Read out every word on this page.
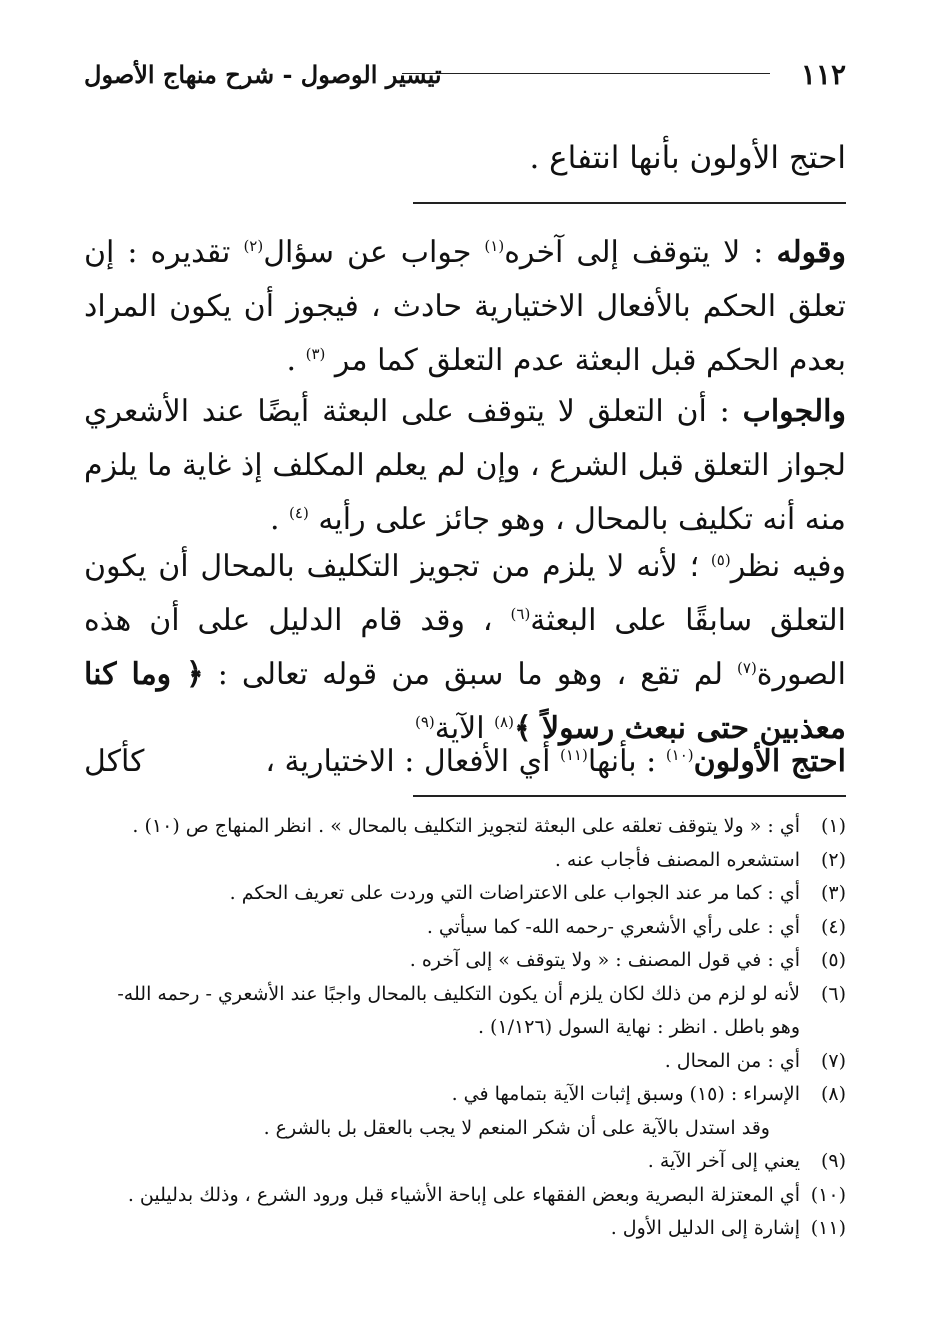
١١٢
تيسير الوصول - شرح منهاج الأصول
احتج الأولون بأنها انتفاع .
وقوله : لا يتوقف إلى آخره$^{(١)}$ جواب عن سؤال$^{(٢)}$ تقديره : إن تعلق الحكم بالأفعال الاختيارية حادث ، فيجوز أن يكون المراد بعدم الحكم قبل البعثة عدم التعلق كما مر $^{(٣)}$ .
والجواب : أن التعلق لا يتوقف على البعثة أيضًا عند الأشعري لجواز التعلق قبل الشرع ، وإن لم يعلم المكلف إذ غاية ما يلزم منه أنه تكليف بالمحال ، وهو جائز على رأيه $^{(٤)}$ .
وفيه نظر$^{(٥)}$ ؛ لأنه لا يلزم من تجويز التكليف بالمحال أن يكون التعلق سابقًا على البعثة$^{(٦)}$ ، وقد قام الدليل على أن هذه الصورة$^{(٧)}$ لم تقع ، وهو ما سبق من قوله تعالى : ﴿ وما كنا معذبين حتى نبعث رسولاً ﴾$^{(٨)}$ الآية$^{(٩)}$
احتج الأولون$^{(١٠)}$ : بأنها$^{(١١)}$ أي الأفعال : الاختيارية ،
كأكل
(١)
أي : « ولا يتوقف تعلقه على البعثة لتجويز التكليف بالمحال » . انظر المنهاج ص (١٠) .
(٢)
استشعره المصنف فأجاب عنه .
(٣)
أي : كما مر عند الجواب على الاعتراضات التي وردت على تعريف الحكم .
(٤)
أي : على رأي الأشعري -رحمه الله- كما سيأتي .
(٥)
أي : في قول المصنف : « ولا يتوقف » إلى آخره .
(٦)
لأنه لو لزم من ذلك لكان يلزم أن يكون التكليف بالمحال واجبًا عند الأشعري - رحمه الله- وهو باطل . انظر : نهاية السول (١/١٢٦) .
(٧)
أي : من المحال .
(٨)
الإسراء : (١٥) وسبق إثبات الآية بتمامها في .
وقد استدل بالآية على أن شكر المنعم لا يجب بالعقل بل بالشرع .
(٩)
يعني إلى آخر الآية .
(١٠)
أي المعتزلة البصرية وبعض الفقهاء على إباحة الأشياء قبل ورود الشرع ، وذلك بدليلين .
(١١)
إشارة إلى الدليل الأول .
